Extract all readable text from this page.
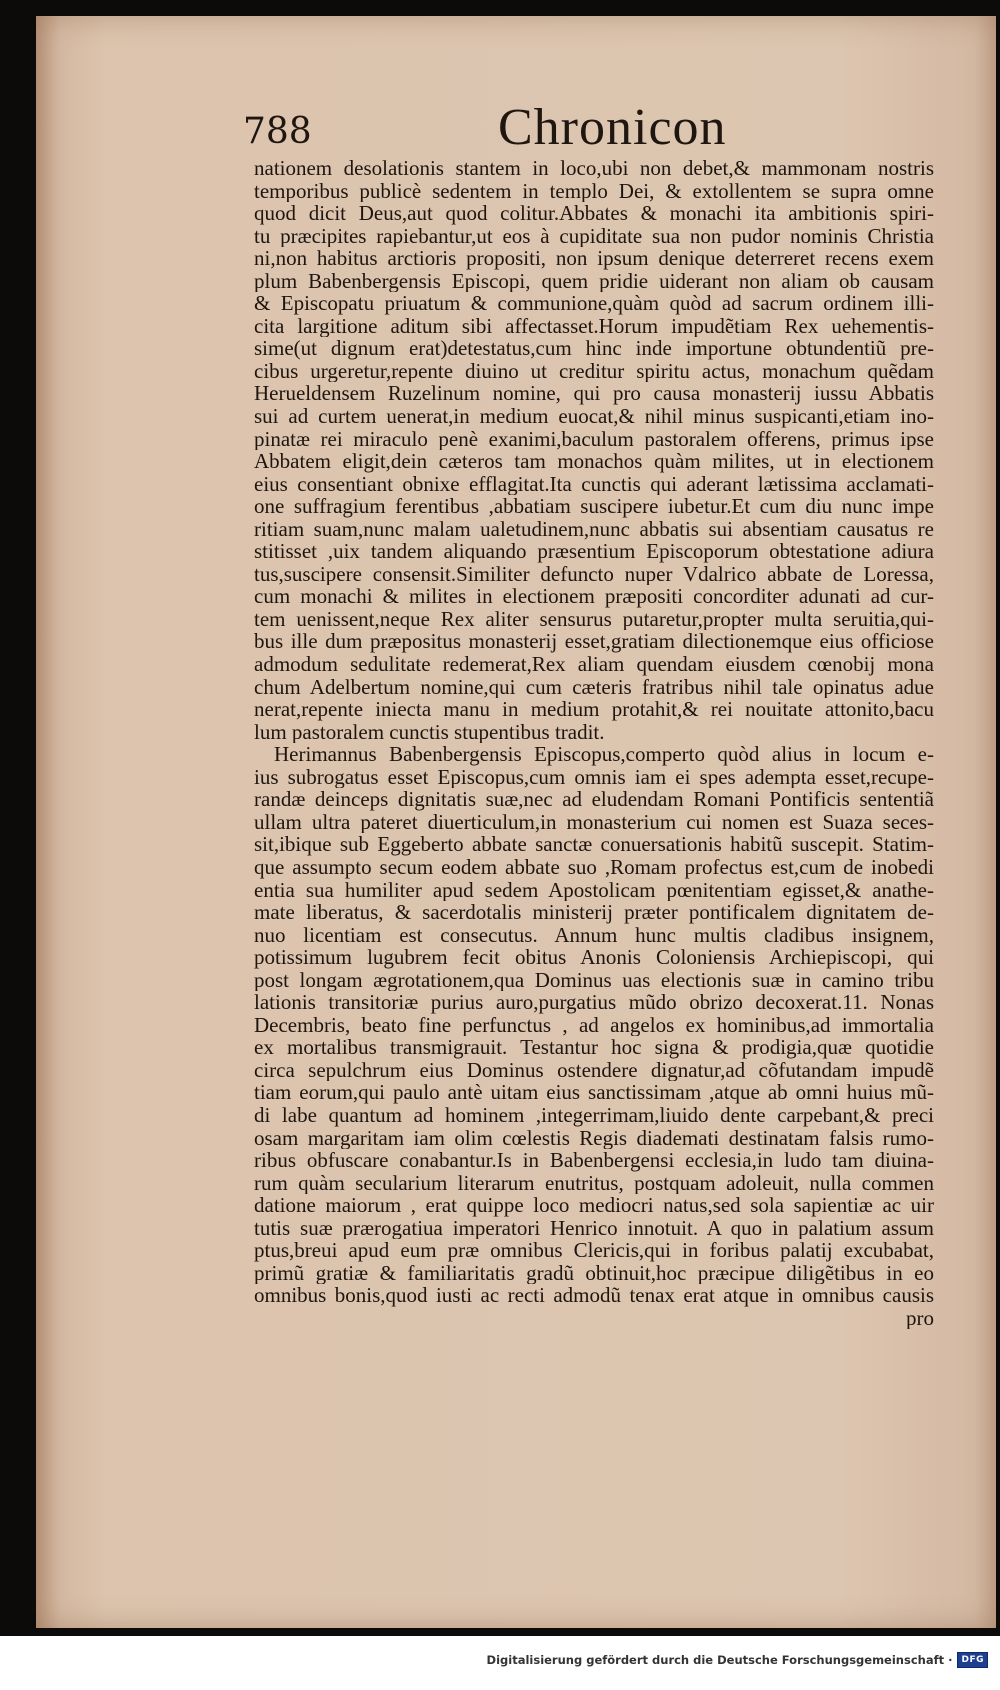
788	Chronicon
nationem desolationis stantem in loco,ubi non debet,& mammonam nostris
temporibus publicè sedentem in templo Dei, & extollentem se supra omne
quod dicit Deus,aut quod colitur.Abbates & monachi ita ambitionis spiri-
tu præcipites rapiebantur,ut eos à cupiditate sua non pudor nominis Christia
ni,non habitus arctioris propositi, non ipsum denique deterreret recens exem
plum Babenbergensis Episcopi, quem pridie uiderant non aliam ob causam
& Episcopatu priuatum & communione,quàm quòd ad sacrum ordinem illi-
cita largitione aditum sibi affectasset.Horum impudẽtiam Rex uehementis-
sime(ut dignum erat)detestatus,cum hinc inde importune obtundentiũ pre-
cibus urgeretur,repente diuino ut creditur spiritu actus, monachum quẽdam
Herueldensem Ruzelinum nomine, qui pro causa monasterij iussu Abbatis
sui ad curtem uenerat,in medium euocat,& nihil minus suspicanti,etiam ino-
pinatæ rei miraculo penè exanimi,baculum pastoralem offerens, primus ipse
Abbatem eligit,dein cæteros tam monachos quàm milites, ut in electionem
eius consentiant obnixe efflagitat.Ita cunctis qui aderant lætissima acclamati-
one suffragium ferentibus ,abbatiam suscipere iubetur.Et cum diu nunc impe
ritiam suam,nunc malam ualetudinem,nunc abbatis sui absentiam causatus re
stitisset ,uix tandem aliquando præsentium Episcoporum obtestatione adiura
tus,suscipere consensit.Similiter defuncto nuper Vdalrico abbate de Loressa,
cum monachi & milites in electionem præpositi concorditer adunati ad cur-
tem uenissent,neque Rex aliter sensurus putaretur,propter multa seruitia,qui-
bus ille dum præpositus monasterij esset,gratiam dilectionemque eius officiose
admodum sedulitate redemerat,Rex aliam quendam eiusdem cœnobij mona
chum Adelbertum nomine,qui cum cæteris fratribus nihil tale opinatus adue
nerat,repente iniecta manu in medium protahit,& rei nouitate attonito,bacu
lum pastoralem cunctis stupentibus tradit.
Herimannus Babenbergensis Episcopus,comperto quòd alius in locum e-
ius subrogatus esset Episcopus,cum omnis iam ei spes adempta esset,recupe-
randæ deinceps dignitatis suæ,nec ad eludendam Romani Pontificis sententiã
ullam ultra pateret diuerticulum,in monasterium cui nomen est Suaza seces-
sit,ibique sub Eggeberto abbate sanctæ conuersationis habitũ suscepit. Statim-
que assumpto secum eodem abbate suo ,Romam profectus est,cum de inobedi
entia sua humiliter apud sedem Apostolicam pœnitentiam egisset,& anathe-
mate liberatus, & sacerdotalis ministerij præter pontificalem dignitatem de-
nuo licentiam est consecutus. Annum hunc multis cladibus insignem,
potissimum lugubrem fecit obitus Anonis Coloniensis Archiepiscopi, qui
post longam ægrotationem,qua Dominus uas electionis suæ in camino tribu
lationis transitoriæ purius auro,purgatius mũdo obrizo decoxerat.11. Nonas
Decembris, beato fine perfunctus , ad angelos ex hominibus,ad immortalia
ex mortalibus transmigrauit. Testantur hoc signa & prodigia,quæ quotidie
circa sepulchrum eius Dominus ostendere dignatur,ad cõfutandam impudẽ
tiam eorum,qui paulo antè uitam eius sanctissimam ,atque ab omni huius mũ-
di labe quantum ad hominem ,integerrimam,liuido dente carpebant,& preci
osam margaritam iam olim cœlestis Regis diademati destinatam falsis rumo-
ribus obfuscare conabantur.Is in Babenbergensi ecclesia,in ludo tam diuina-
rum quàm secularium literarum enutritus, postquam adoleuit, nulla commen
datione maiorum , erat quippe loco mediocri natus,sed sola sapientiæ ac uir
tutis suæ prærogatiua imperatori Henrico innotuit. A quo in palatium assum
ptus,breui apud eum præ omnibus Clericis,qui in foribus palatij excubabat,
primũ gratiæ & familiaritatis gradũ obtinuit,hoc præcipue diligẽtibus in eo
omnibus bonis,quod iusti ac recti admodũ tenax erat atque in omnibus causis
pro
Digitalisierung gefördert durch die Deutsche Forschungsgemeinschaft ·	DFG
